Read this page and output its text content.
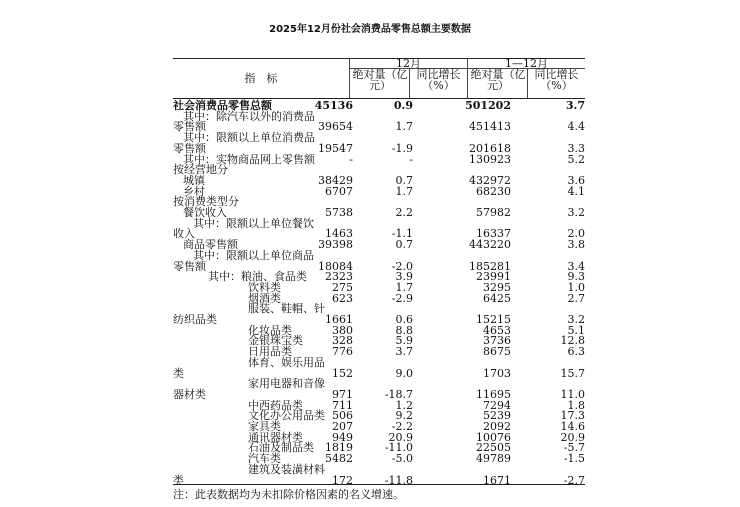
2025年12月份社会消费品零售总额主要数据
指　标
12月	1—12月
绝对量（亿元）
同比增长（%）
绝对量（亿元）
同比增长（%）
社会消费品零售总额	45136	0.9	501202	3.7
其中：除汽车以外的消费品
零售额	39654	1.7	451413	4.4
其中：限额以上单位消费品
零售额	19547	-1.9	201618	3.3
其中：实物商品网上零售额	-	-	130923	5.2
按经营地分
城镇	38429	0.7	432972	3.6
乡村	6707	1.7	68230	4.1
按消费类型分
餐饮收入	5738	2.2	57982	3.2
其中：限额以上单位餐饮
收入	1463	-1.1	16337	2.0
商品零售额	39398	0.7	443220	3.8
其中：限额以上单位商品
零售额	18084	-2.0	185281	3.4
其中：粮油、食品类 2323	3.9	23991	9.3
饮料类	275	1.7	3295	1.0
烟酒类	623	-2.9	6425	2.7
服装、鞋帽、针
纺织品类	1661	0.6	15215	3.2
化妆品类	380	8.8	4653	5.1
金银珠宝类	328	5.9	3736	12.8
日用品类	776	3.7	8675	6.3
体育、娱乐用品
类	152	9.0	1703	15.7
家用电器和音像
器材类	971	-18.7	11695	11.0
中西药品类	711	1.2	7294	1.8
文化办公用品类 506	9.2	5239	17.3
家具类	207	-2.2	2092	14.6
通讯器材类	949	20.9	10076	20.9
石油及制品类 1819	-11.0	22505	-5.7
汽车类	5482	-5.0	49789	-1.5
建筑及装潢材料
类	172	-11.8	1671	-2.7
注：此表数据均为未扣除价格因素的名义增速。
